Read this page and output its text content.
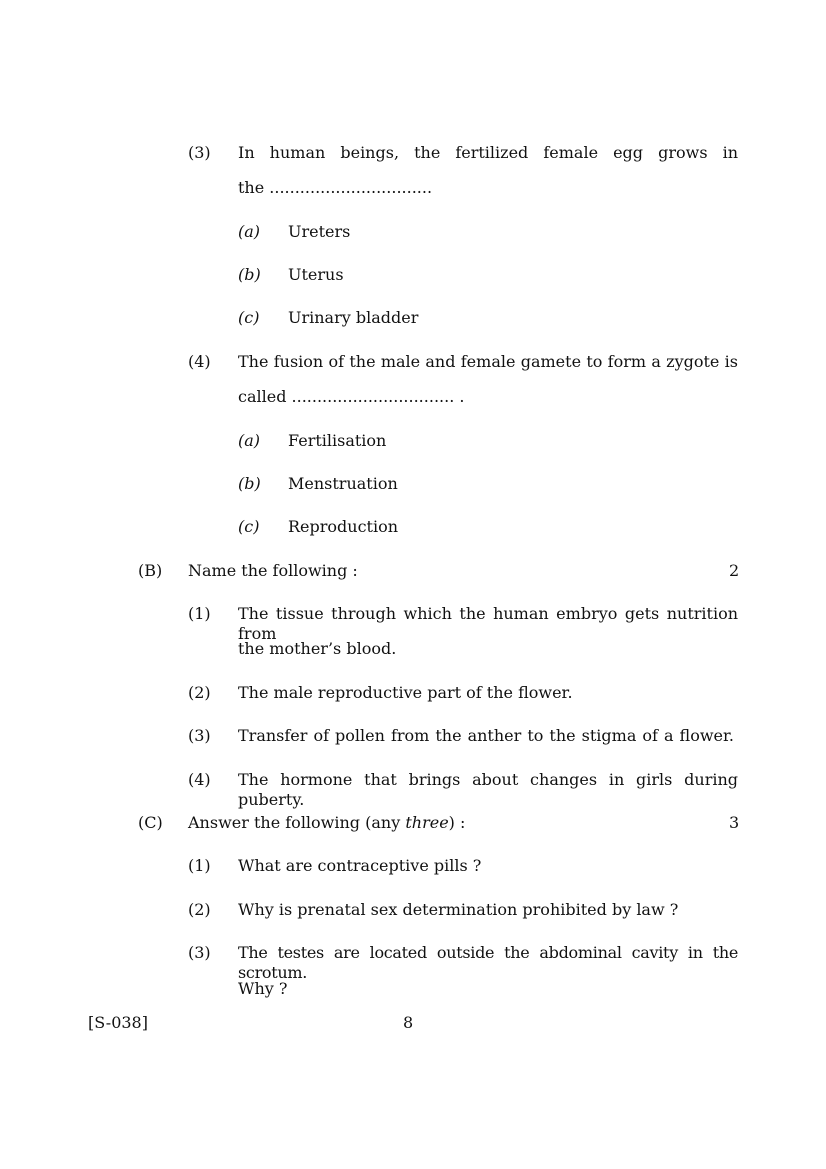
(3) In human beings, the fertilized female egg grows in
the ................................
(a) Ureters
(b) Uterus
(c) Urinary bladder
(4) The fusion of the male and female gamete to form a zygote is
called ................................ .
(a) Fertilisation
(b) Menstruation
(c) Reproduction
(B) Name the following :	2
(1) The tissue through which the human embryo gets nutrition from
the mother’s blood.
(2) The male reproductive part of the flower.
(3) Transfer of pollen from the anther to the stigma of a flower.
(4) The hormone that brings about changes in girls during puberty.
(C) Answer the following (any three) :	3
(1) What are contraceptive pills ?
(2) Why is prenatal sex determination prohibited by law ?
(3) The testes are located outside the abdominal cavity in the scrotum.
Why ?
[S-038]	8
